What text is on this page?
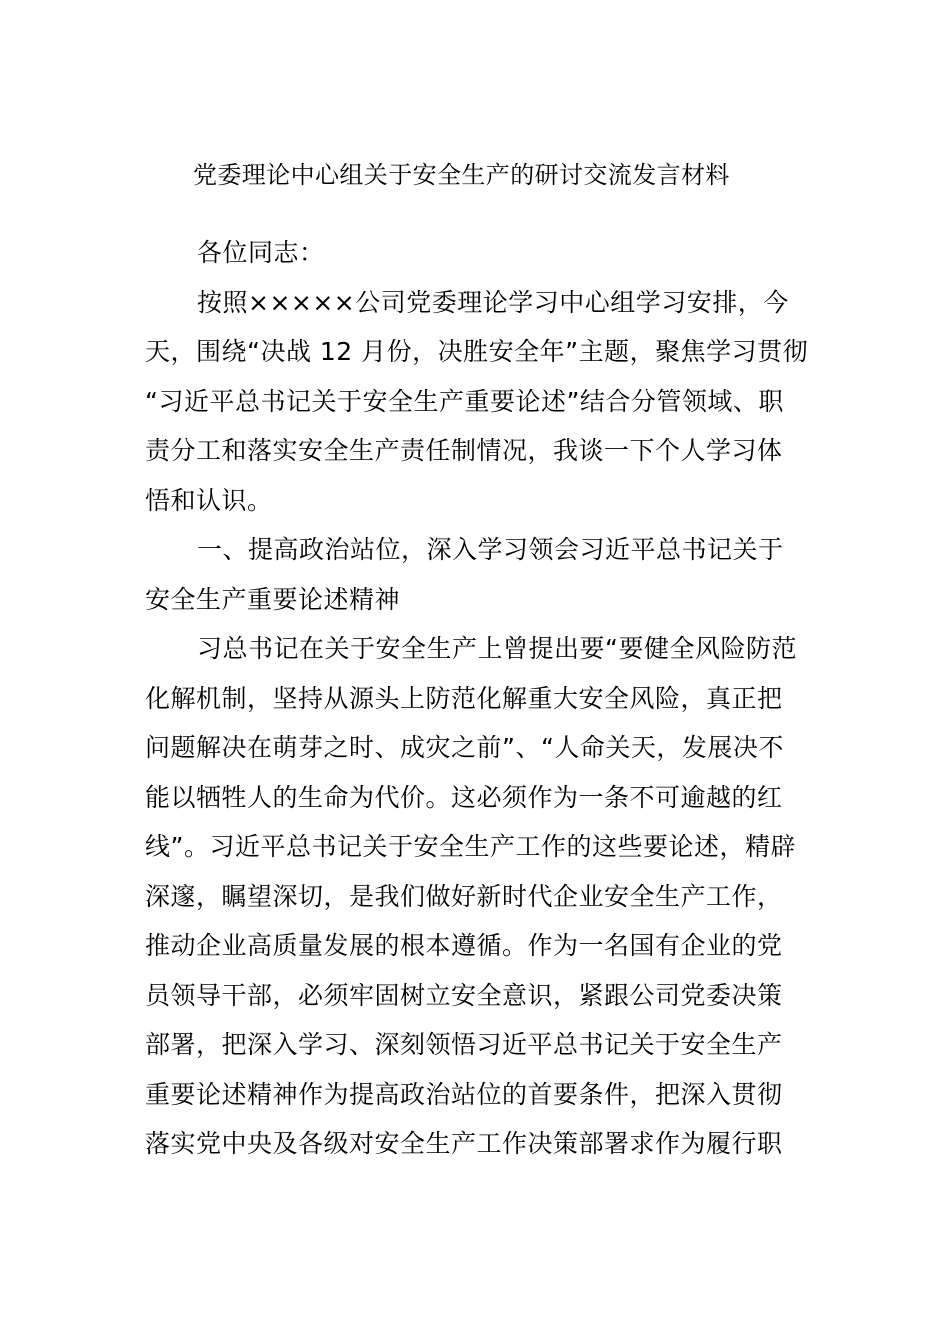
党委理论中心组关于安全生产的研讨交流发言材料
各位同志：
按照×××××公司党委理论学习中心组学习安排，今
天，围绕“决战 12 月份，决胜安全年”主题，聚焦学习贯彻
“习近平总书记关于安全生产重要论述”结合分管领域、职
责分工和落实安全生产责任制情况，我谈一下个人学习体
悟和认识。
一、提高政治站位，深入学习领会习近平总书记关于
安全生产重要论述精神
习总书记在关于安全生产上曾提出要“要健全风险防范
化解机制，坚持从源头上防范化解重大安全风险，真正把
问题解决在萌芽之时、成灾之前”、“人命关天，发展决不
能以牺牲人的生命为代价。这必须作为一条不可逾越的红
线”。习近平总书记关于安全生产工作的这些要论述，精辟
深邃，瞩望深切，是我们做好新时代企业安全生产工作，
推动企业高质量发展的根本遵循。作为一名国有企业的党
员领导干部，必须牢固树立安全意识，紧跟公司党委决策
部署，把深入学习、深刻领悟习近平总书记关于安全生产
重要论述精神作为提高政治站位的首要条件，把深入贯彻
落实党中央及各级对安全生产工作决策部署求作为履行职
